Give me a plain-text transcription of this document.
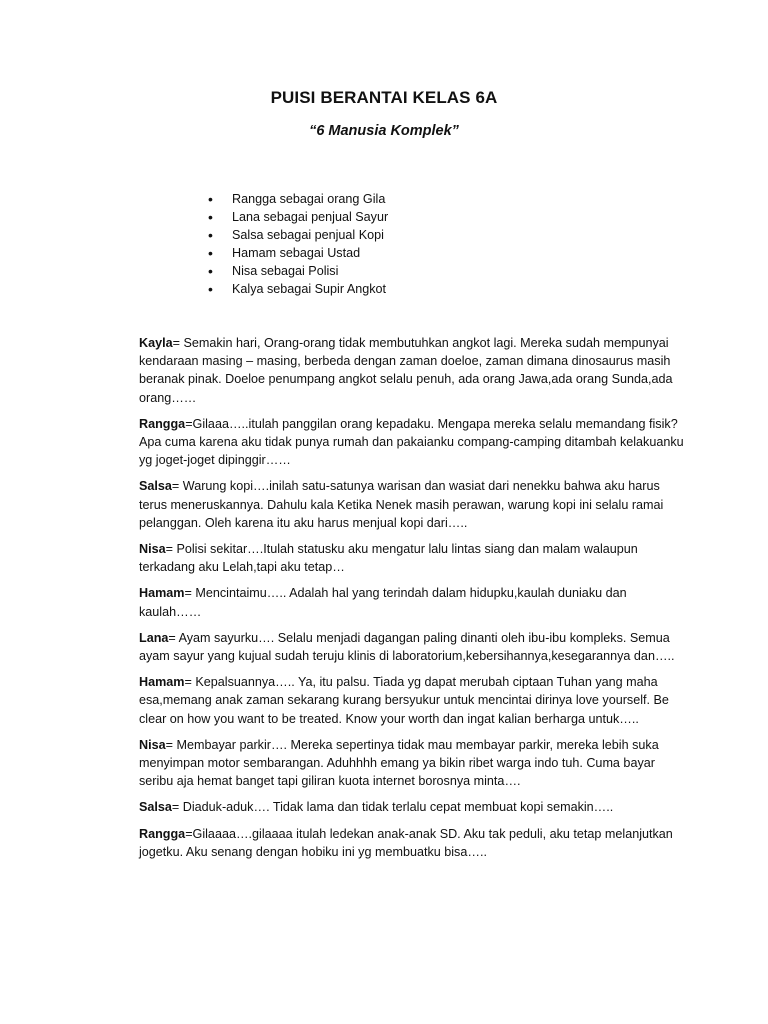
PUISI BERANTAI KELAS 6A
“6 Manusia Komplek”
• Rangga sebagai orang Gila
• Lana sebagai penjual Sayur
• Salsa sebagai penjual Kopi
• Hamam sebagai Ustad
• Nisa sebagai Polisi
• Kalya sebagai Supir Angkot

Kayla= Semakin hari, Orang-orang tidak membutuhkan angkot lagi. Mereka sudah mempunyai kendaraan masing – masing, berbeda dengan zaman doeloe, zaman dimana dinosaurus masih beranak pinak. Doeloe penumpang angkot selalu penuh, ada orang Jawa,ada orang Sunda,ada orang……

Rangga=Gilaaa…..itulah panggilan orang kepadaku. Mengapa mereka selalu memandang fisik? Apa cuma karena aku tidak punya rumah dan pakaianku compang-camping ditambah kelakuanku yg joget-joget dipinggir……

Salsa= Warung kopi….inilah satu-satunya warisan dan wasiat dari nenekku bahwa aku harus terus meneruskannya. Dahulu kala Ketika Nenek masih perawan, warung kopi ini selalu ramai pelanggan. Oleh karena itu aku harus menjual kopi dari…..

Nisa= Polisi sekitar….Itulah statusku aku mengatur lalu lintas siang dan malam walaupun terkadang aku Lelah,tapi aku tetap…

Hamam= Mencintaimu….. Adalah hal yang terindah dalam hidupku,kaulah duniaku dan kaulah……

Lana= Ayam sayurku…. Selalu menjadi dagangan paling dinanti oleh ibu-ibu kompleks. Semua ayam sayur yang kujual sudah teruju klinis di laboratorium,kebersihannya,kesegarannya dan…..

Hamam= Kepalsuannya….. Ya, itu palsu. Tiada yg dapat merubah ciptaan Tuhan yang maha esa,memang anak zaman sekarang kurang bersyukur untuk mencintai dirinya love yourself. Be clear on how you want to be treated. Know your worth dan ingat kalian berharga untuk…..

Nisa= Membayar parkir…. Mereka sepertinya tidak mau membayar parkir, mereka lebih suka menyimpan motor sembarangan. Aduhhhh emang ya bikin ribet warga indo tuh. Cuma bayar seribu aja hemat banget tapi giliran kuota internet borosnya minta….

Salsa= Diaduk-aduk…. Tidak lama dan tidak terlalu cepat membuat kopi semakin…..

Rangga=Gilaaaa….gilaaaa itulah ledekan anak-anak SD. Aku tak peduli, aku tetap melanjutkan jogetku. Aku senang dengan hobiku ini yg membuatku bisa…..
